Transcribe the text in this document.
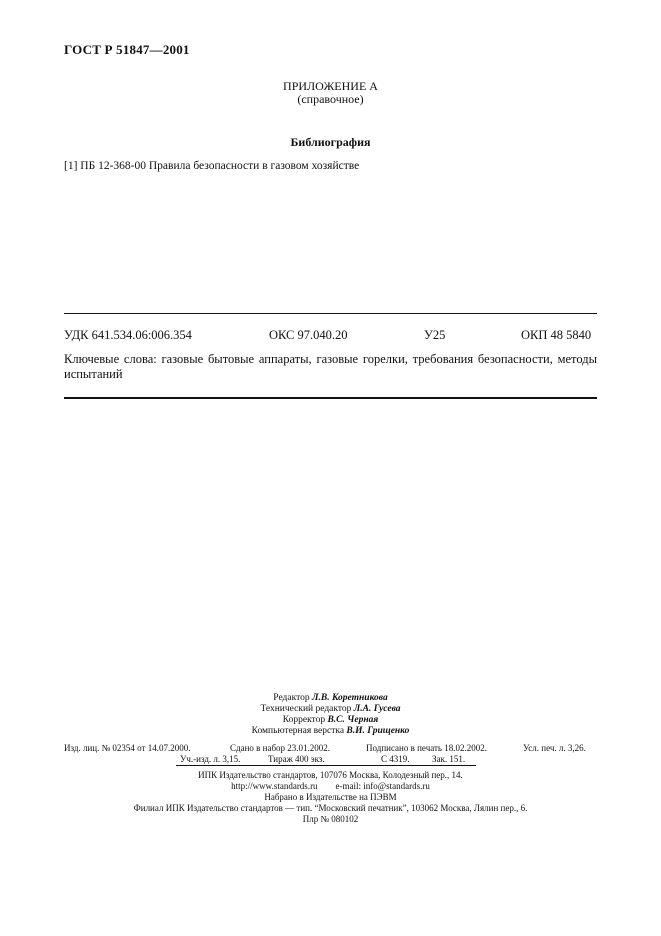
ГОСТ Р 51847—2001
ПРИЛОЖЕНИЕ А
(справочное)
Библиография
[1] ПБ 12-368-00 Правила безопасности в газовом хозяйстве
УДК 641.534.06:006.354	ОКС 97.040.20	У25	ОКП 48 5840
Ключевые слова: газовые бытовые аппараты, газовые горелки, требования безопасности, методы испытаний
Редактор Л.В. Коретникова
Технический редактор Л.А. Гусева
Корректор В.С. Черная
Компьютерная верстка В.И. Грищенко
Изд. лиц. № 02354 от 14.07.2000.	Сдано в набор 23.01.2002.	Подписано в печать 18.02.2002.	Усл. печ. л. 3,26.
Уч.-изд. л. 3,15.	Тираж 400 экз.	С 4319. Зак. 151.
ИПК Издательство стандартов, 107076 Москва, Колодезный пер., 14.
http://www.standards.ru        e-mail: info@standards.ru
Набрано в Издательстве на ПЭВМ
Филиал ИПК Издательство стандартов — тип. “Московский печатник”, 103062 Москва, Лялин пер., 6.
Плр № 080102
